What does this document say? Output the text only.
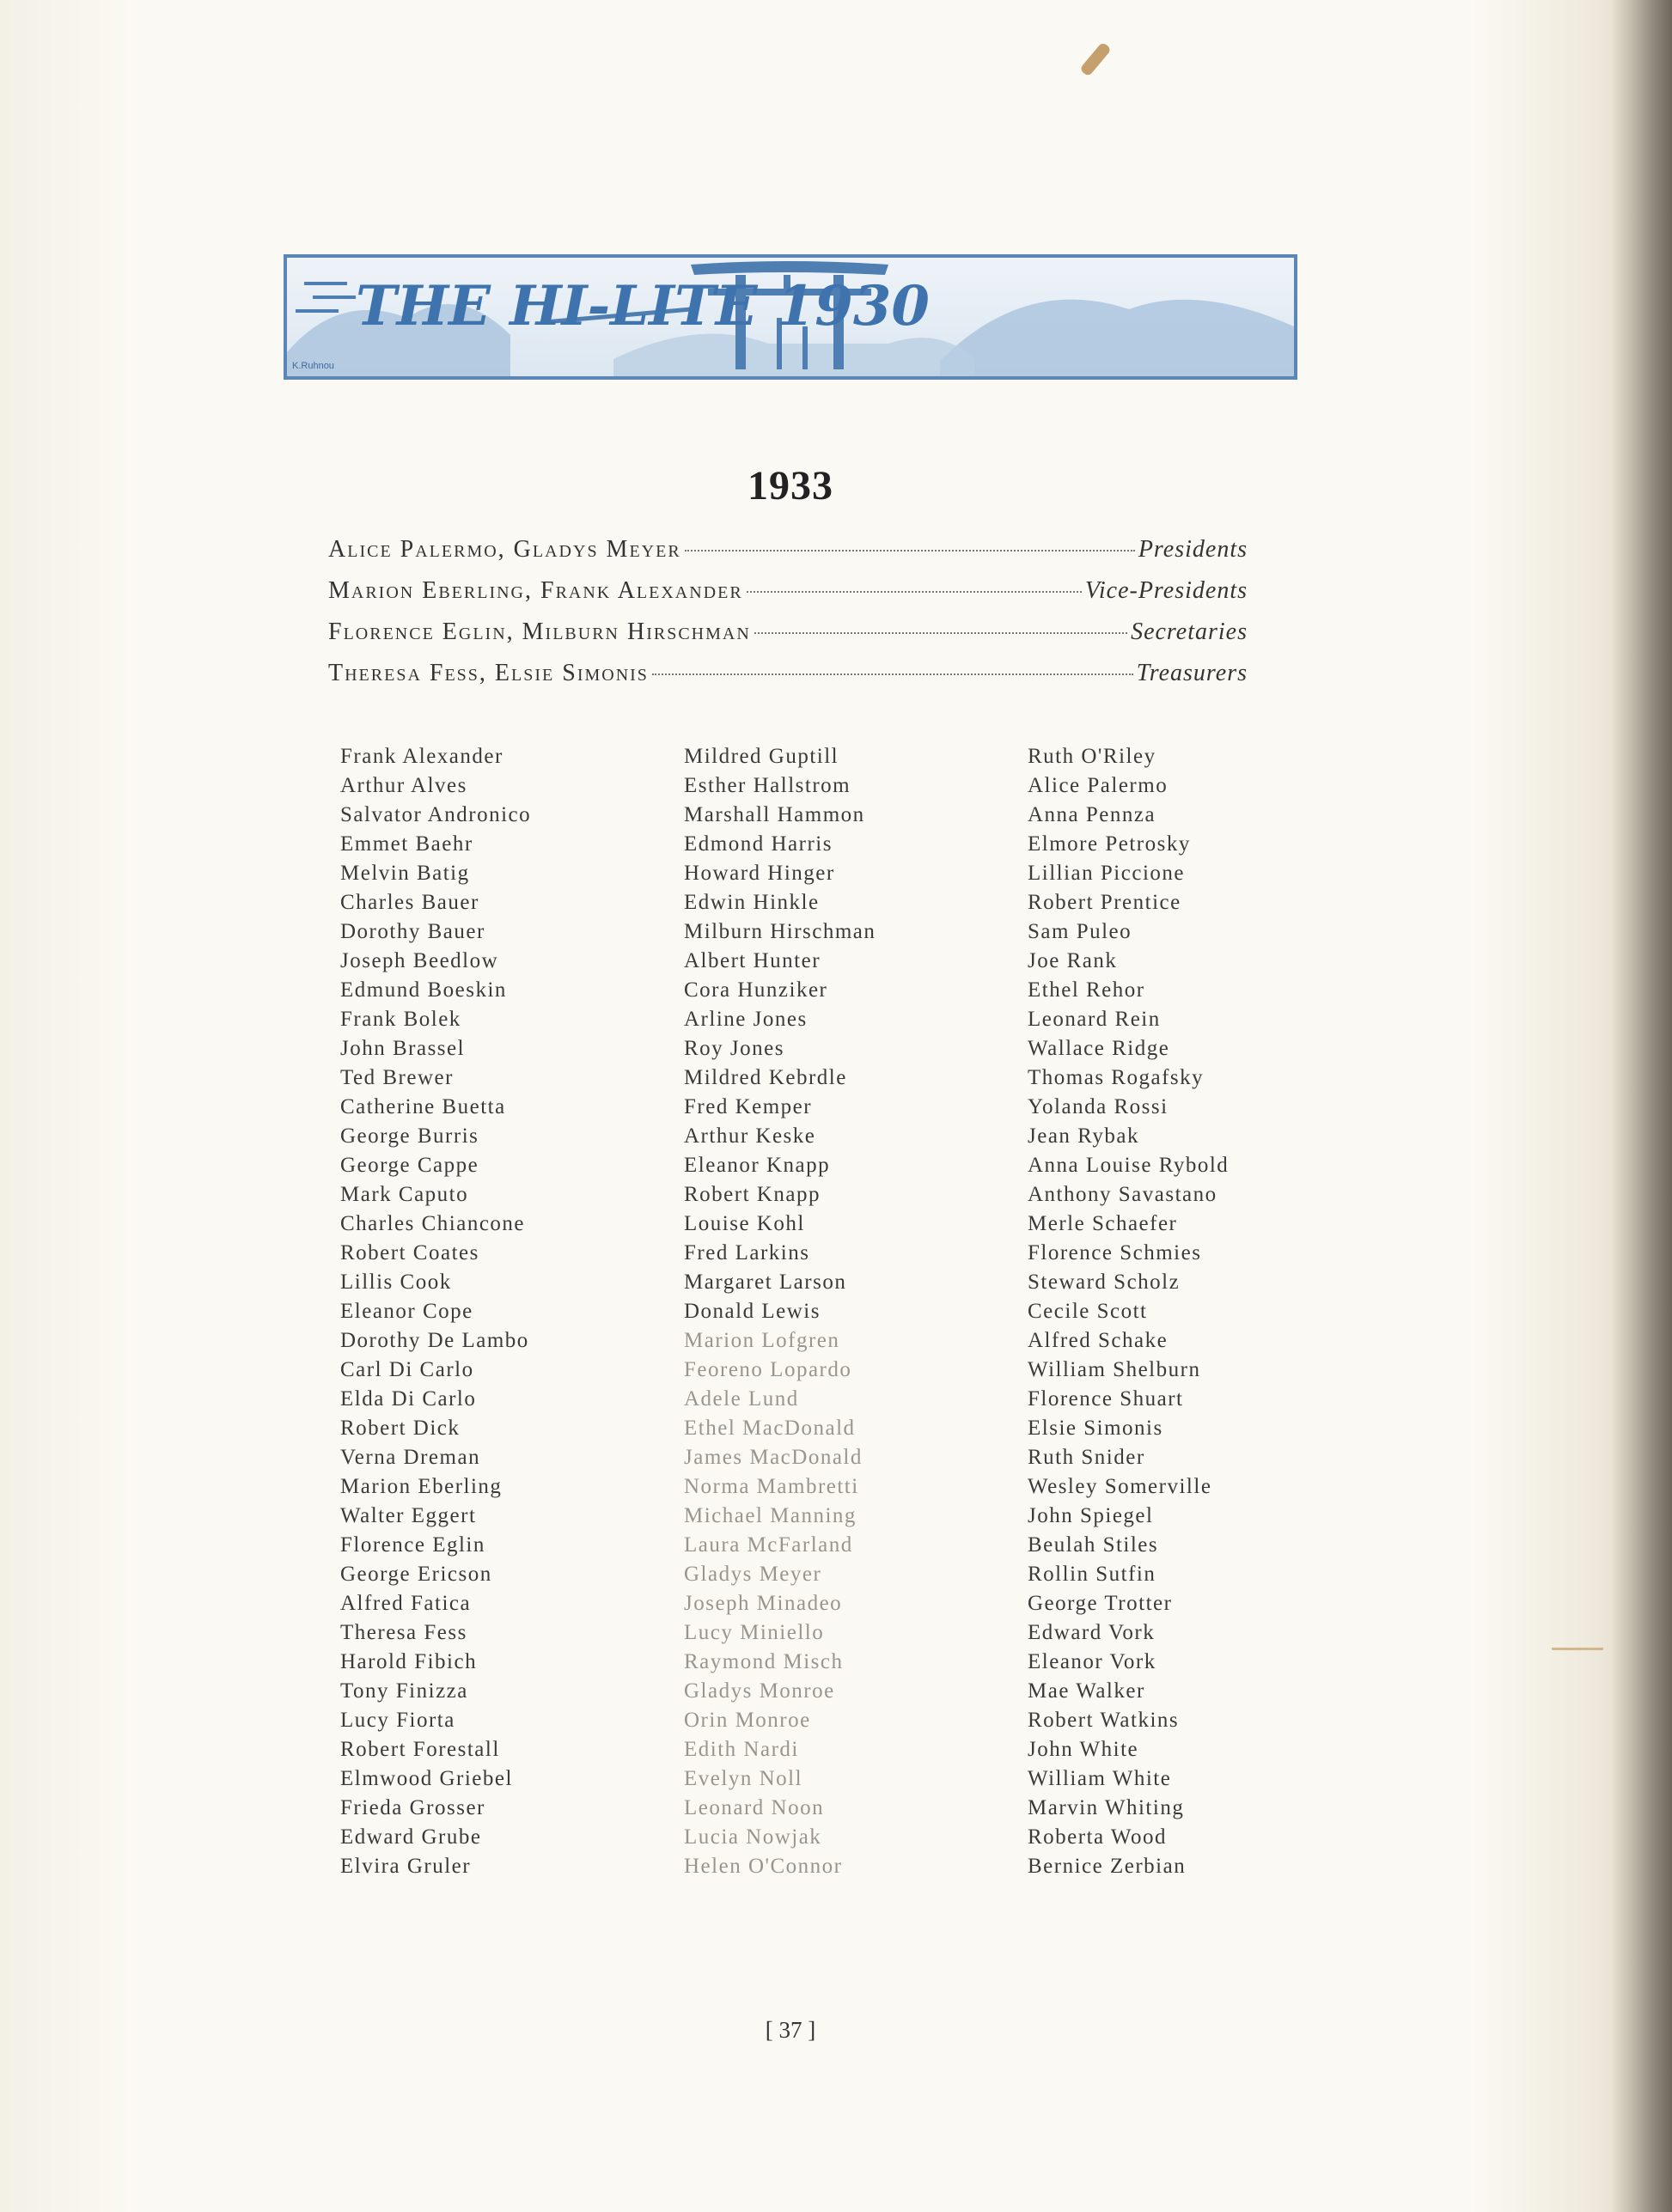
THE HI-LITE 1930
K.Ruhnou
1933
Alice Palermo, Gladys Meyer	Presidents
Marion Eberling, Frank Alexander	Vice-Presidents
Florence Eglin, Milburn Hirschman	Secretaries
Theresa Fess, Elsie Simonis	Treasurers
Frank Alexander
Arthur Alves
Salvator Andronico
Emmet Baehr
Melvin Batig
Charles Bauer
Dorothy Bauer
Joseph Beedlow
Edmund Boeskin
Frank Bolek
John Brassel
Ted Brewer
Catherine Buetta
George Burris
George Cappe
Mark Caputo
Charles Chiancone
Robert Coates
Lillis Cook
Eleanor Cope
Dorothy De Lambo
Carl Di Carlo
Elda Di Carlo
Robert Dick
Verna Dreman
Marion Eberling
Walter Eggert
Florence Eglin
George Ericson
Alfred Fatica
Theresa Fess
Harold Fibich
Tony Finizza
Lucy Fiorta
Robert Forestall
Elmwood Griebel
Frieda Grosser
Edward Grube
Elvira Gruler
Mildred Guptill
Esther Hallstrom
Marshall Hammon
Edmond Harris
Howard Hinger
Edwin Hinkle
Milburn Hirschman
Albert Hunter
Cora Hunziker
Arline Jones
Roy Jones
Mildred Kebrdle
Fred Kemper
Arthur Keske
Eleanor Knapp
Robert Knapp
Louise Kohl
Fred Larkins
Margaret Larson
Donald Lewis
Marion Lofgren
Feoreno Lopardo
Adele Lund
Ethel MacDonald
James MacDonald
Norma Mambretti
Michael Manning
Laura McFarland
Gladys Meyer
Joseph Minadeo
Lucy Miniello
Raymond Misch
Gladys Monroe
Orin Monroe
Edith Nardi
Evelyn Noll
Leonard Noon
Lucia Nowjak
Helen O'Connor
Ruth O'Riley
Alice Palermo
Anna Pennza
Elmore Petrosky
Lillian Piccione
Robert Prentice
Sam Puleo
Joe Rank
Ethel Rehor
Leonard Rein
Wallace Ridge
Thomas Rogafsky
Yolanda Rossi
Jean Rybak
Anna Louise Rybold
Anthony Savastano
Merle Schaefer
Florence Schmies
Steward Scholz
Cecile Scott
Alfred Schake
William Shelburn
Florence Shuart
Elsie Simonis
Ruth Snider
Wesley Somerville
John Spiegel
Beulah Stiles
Rollin Sutfin
George Trotter
Edward Vork
Eleanor Vork
Mae Walker
Robert Watkins
John White
William White
Marvin Whiting
Roberta Wood
Bernice Zerbian
[ 37 ]
